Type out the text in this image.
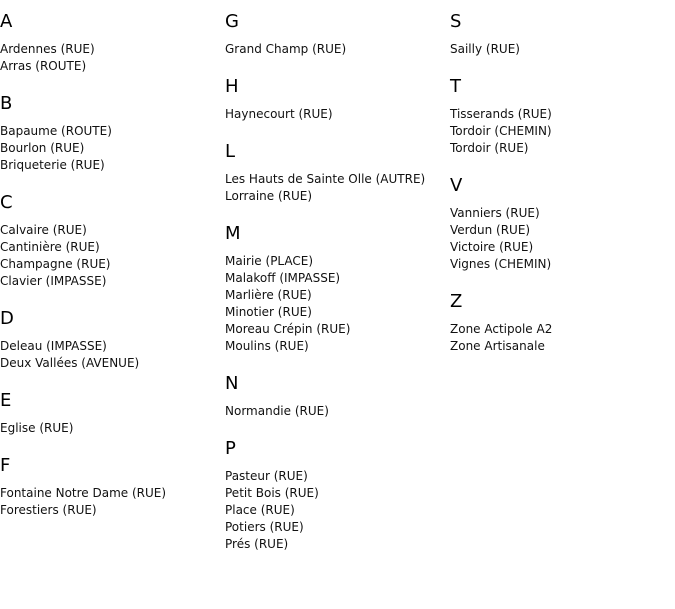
A
Ardennes (RUE)
Arras (ROUTE)
B
Bapaume (ROUTE)
Bourlon (RUE)
Briqueterie (RUE)
C
Calvaire (RUE)
Cantinière (RUE)
Champagne (RUE)
Clavier (IMPASSE)
D
Deleau (IMPASSE)
Deux Vallées (AVENUE)
E
Eglise (RUE)
F
Fontaine Notre Dame (RUE)
Forestiers (RUE)
G
Grand Champ (RUE)
H
Haynecourt (RUE)
L
Les Hauts de Sainte Olle (AUTRE)
Lorraine (RUE)
M
Mairie (PLACE)
Malakoff (IMPASSE)
Marlière (RUE)
Minotier (RUE)
Moreau Crépin (RUE)
Moulins (RUE)
N
Normandie (RUE)
P
Pasteur (RUE)
Petit Bois (RUE)
Place (RUE)
Potiers (RUE)
Prés (RUE)
S
Sailly (RUE)
T
Tisserands (RUE)
Tordoir (CHEMIN)
Tordoir (RUE)
V
Vanniers (RUE)
Verdun (RUE)
Victoire (RUE)
Vignes (CHEMIN)
Z
Zone Actipole A2
Zone Artisanale
